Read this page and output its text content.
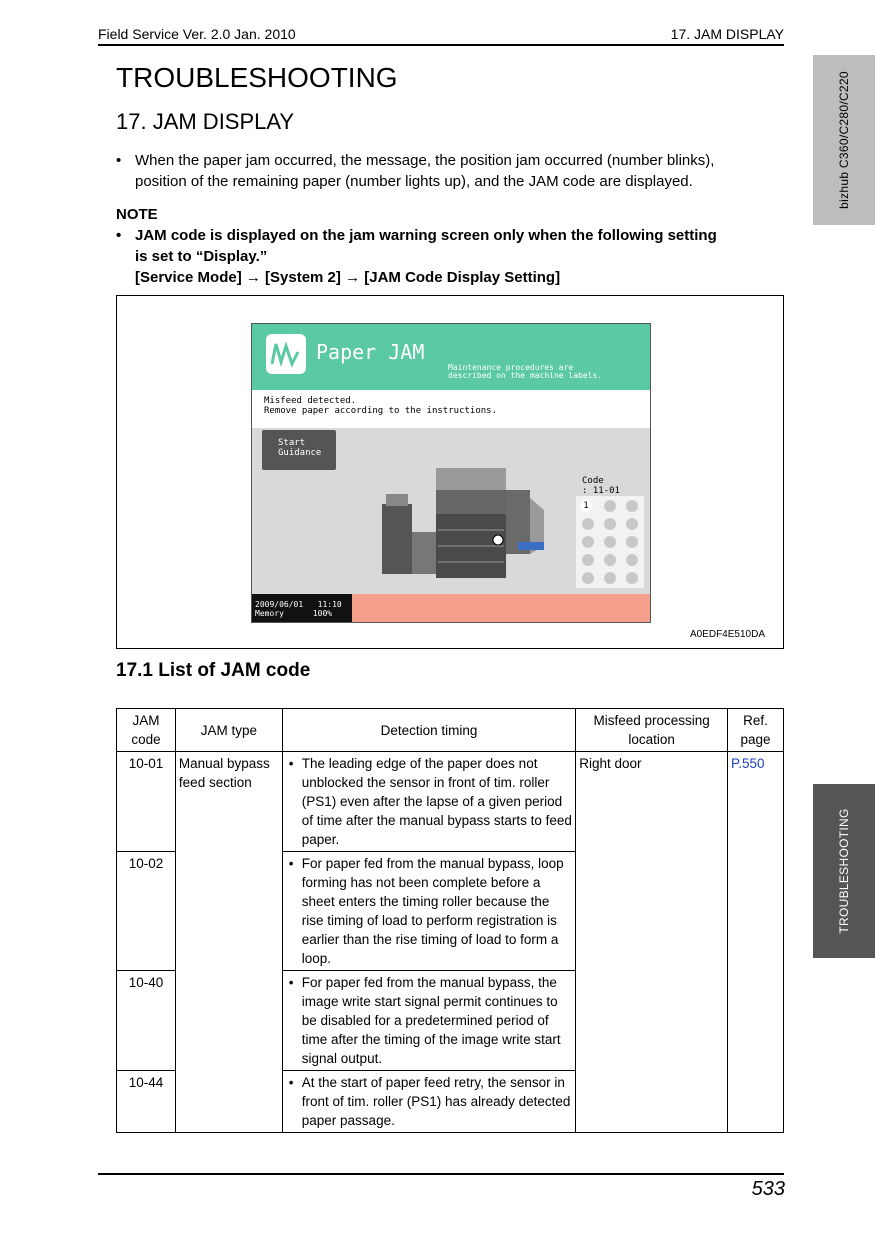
Field Service Ver. 2.0 Jan. 2010	17. JAM DISPLAY
bizhub C360/C280/C220
TROUBLESHOOTING
TROUBLESHOOTING
17. JAM DISPLAY
• When the paper jam occurred, the message, the position jam occurred (number blinks),
position of the remaining paper (number lights up), and the JAM code are displayed.
NOTE
• JAM code is displayed on the jam warning screen only when the following setting
is set to “Display.”
[Service Mode] → [System 2] → [JAM Code Display Setting]
Paper JAM
Maintenance procedures are
described on the machine labels.
Misfeed detected.
Remove paper according to the instructions.
Start
Guidance
Code
: 11-01
1
2009/06/01 11:10
Memory	100%
A0EDF4E510DA
17.1 List of JAM code
JAM code	JAM type	Detection timing	Misfeed processing location	Ref. page
10-01	Manual bypass feed section	• The leading edge of the paper does not unblocked the sensor in front of tim. roller (PS1) even after the lapse of a given period of time after the manual bypass starts to feed paper.	Right door	P.550
10-02		• For paper fed from the manual bypass, loop forming has not been complete before a sheet enters the timing roller because the rise timing of load to perform registration is earlier than the rise timing of load to form a loop.

10-40		• For paper fed from the manual bypass, the image write start signal permit continues to be disabled for a predetermined period of time after the timing of the image write start signal output.

10-44		• At the start of paper feed retry, the sensor in front of tim. roller (PS1) has already detected paper passage.
533
